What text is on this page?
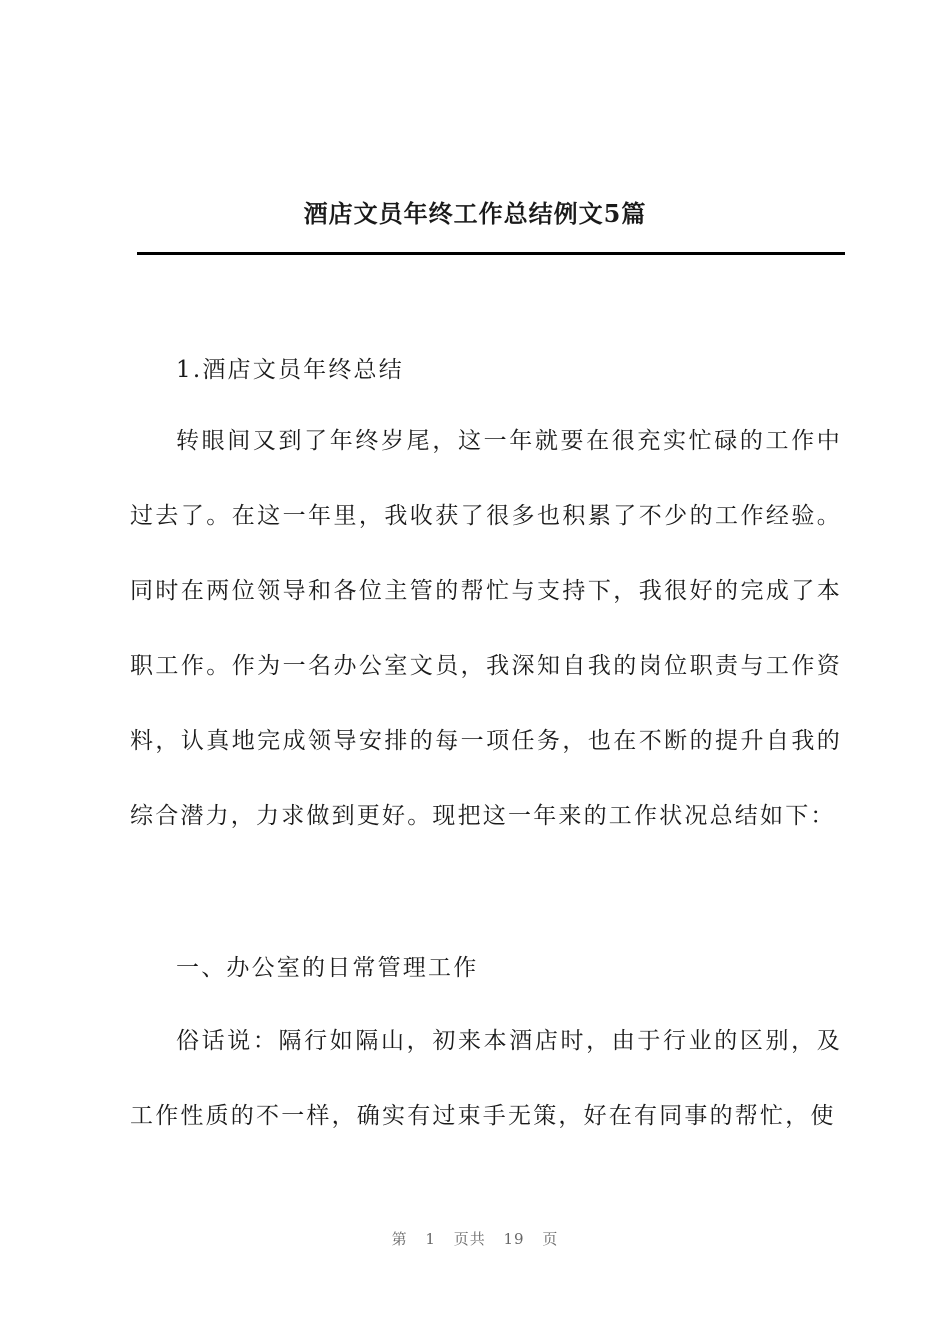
酒店文员年终工作总结例文5篇
1.酒店文员年终总结

转眼间又到了年终岁尾，这一年就要在很充实忙碌的工作中过去了。在这一年里，我收获了很多也积累了不少的工作经验。同时在两位领导和各位主管的帮忙与支持下，我很好的完成了本职工作。作为一名办公室文员，我深知自我的岗位职责与工作资料，认真地完成领导安排的每一项任务，也在不断的提升自我的综合潜力，力求做到更好。现把这一年来的工作状况总结如下：

一、办公室的日常管理工作

俗话说：隔行如隔山，初来本酒店时，由于行业的区别，及工作性质的不一样，确实有过束手无策，好在有同事的帮忙，使

第 1 页共 19 页
